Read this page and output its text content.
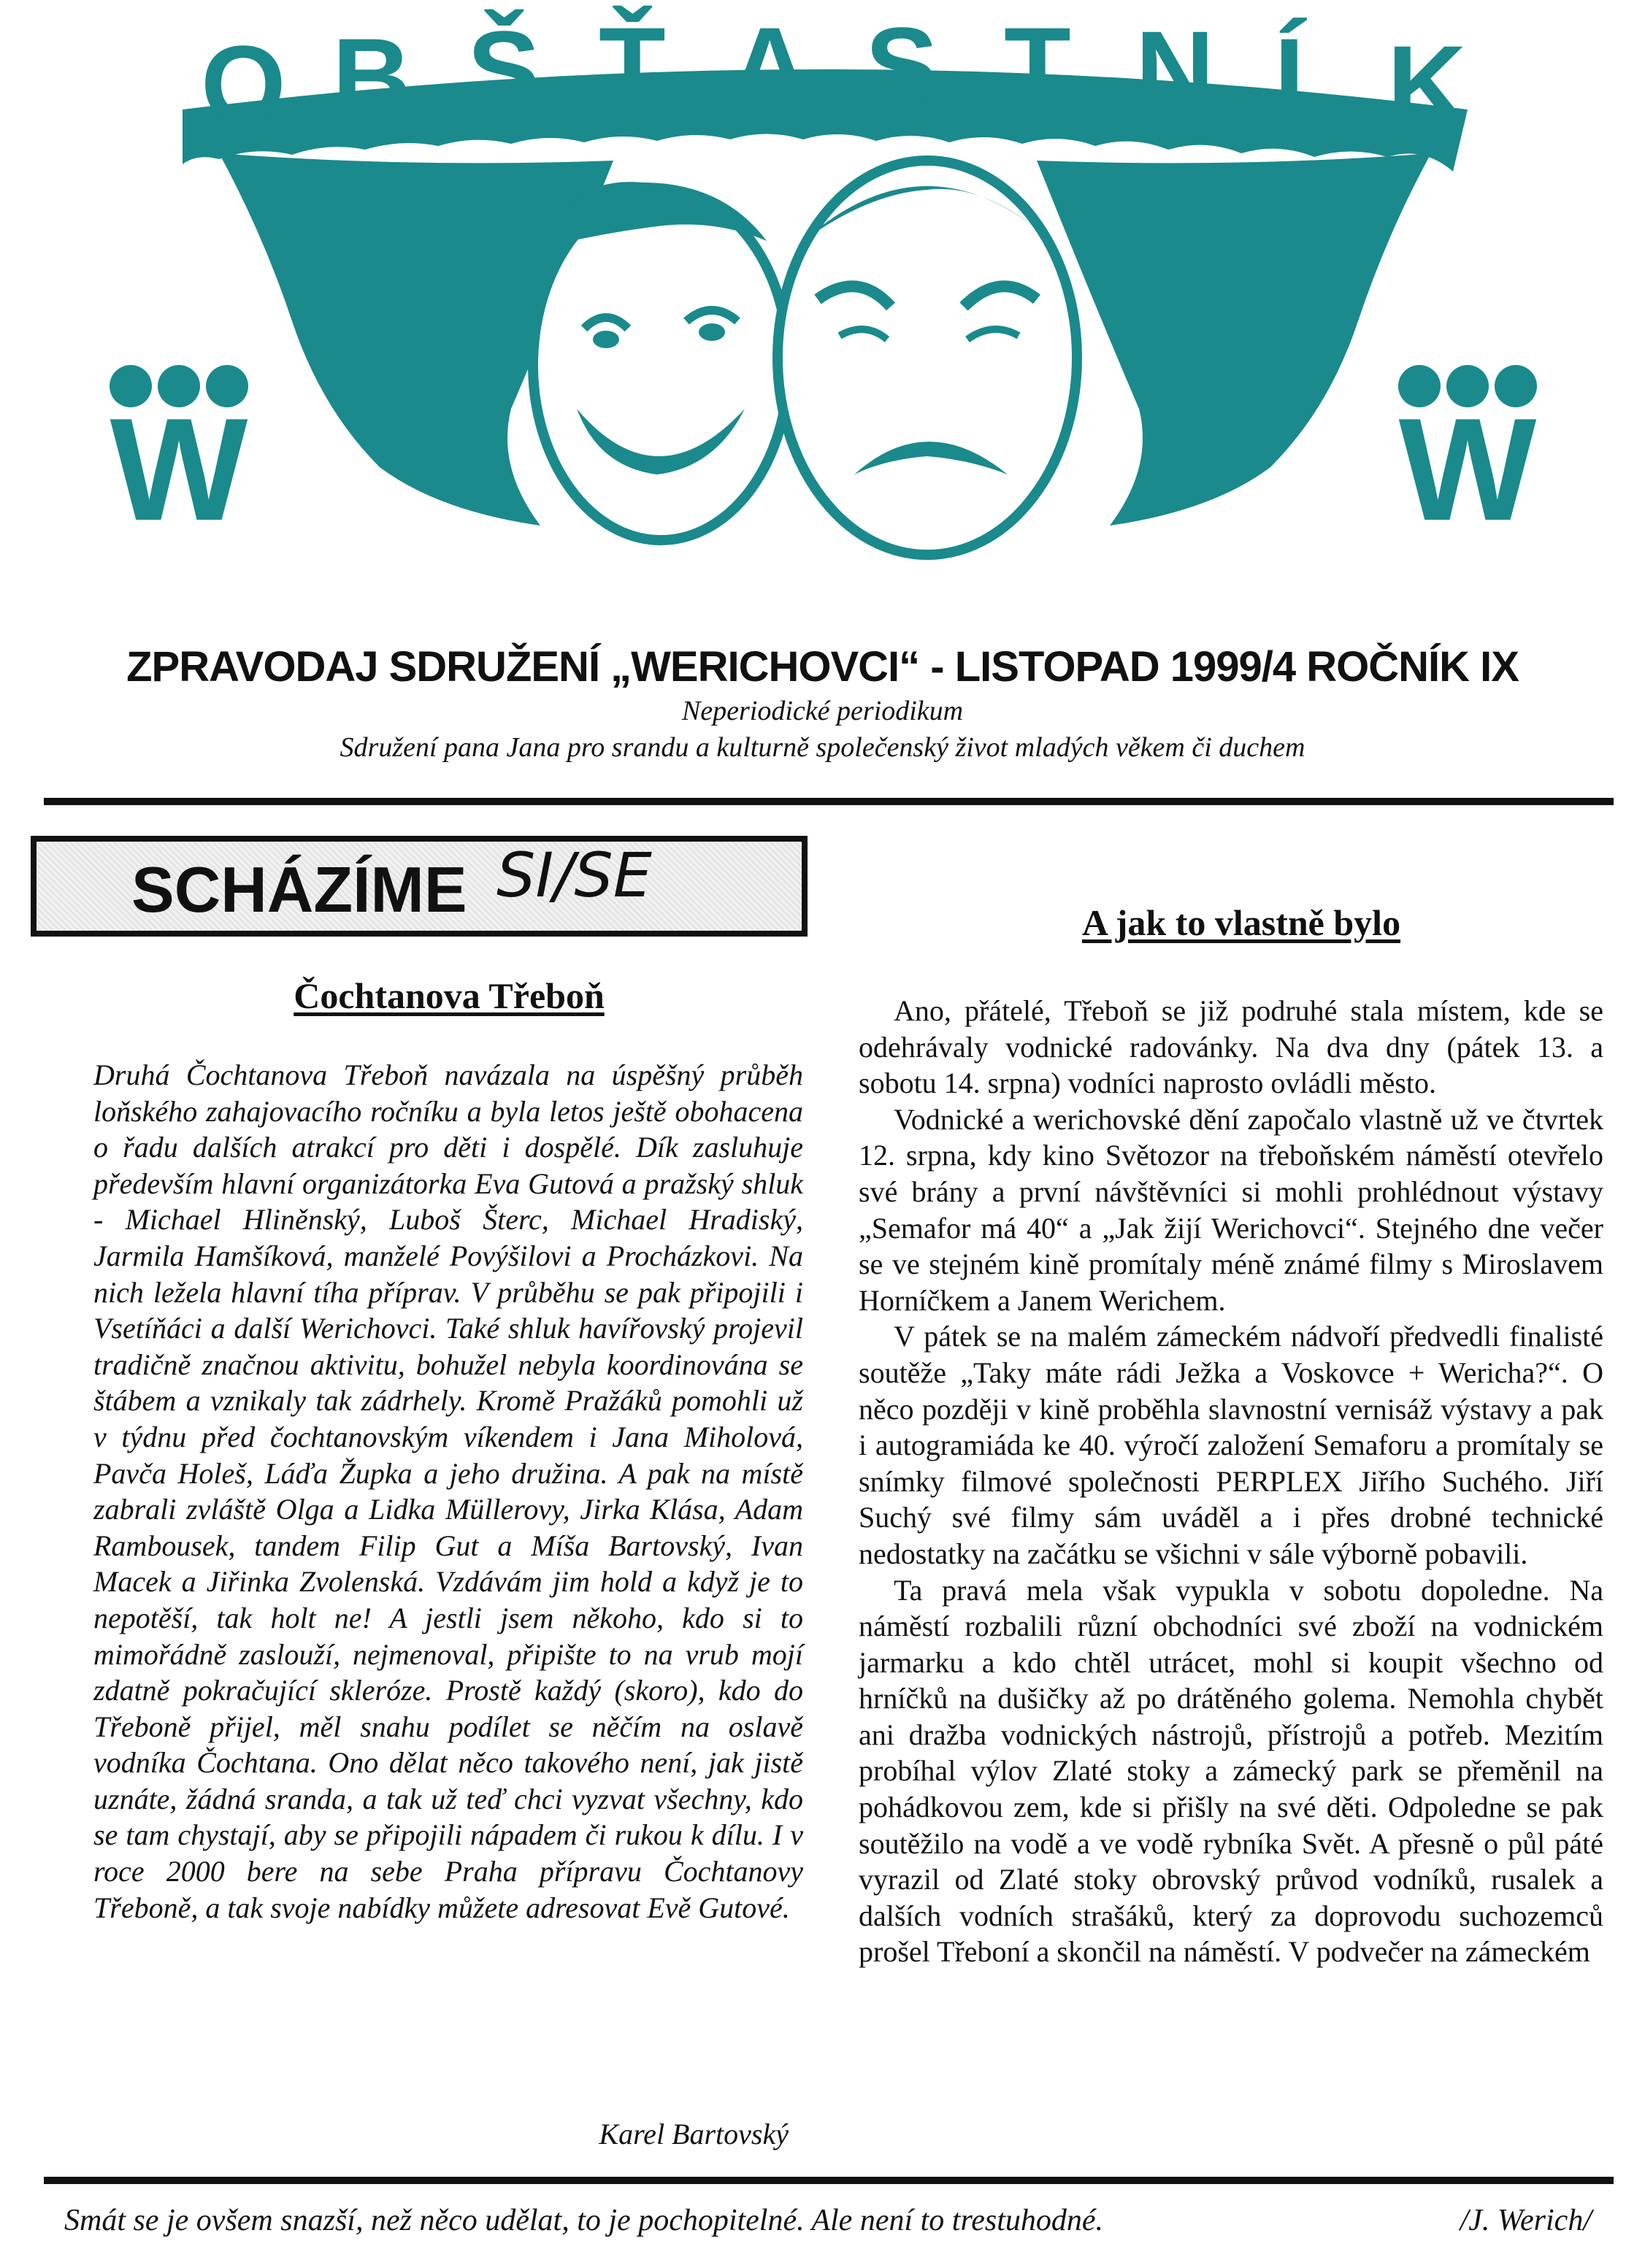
O B Š Ť A S T N Í K
W	W
ZPRAVODAJ SDRUŽENÍ „WERICHOVCI“ - LISTOPAD 1999/4 ROČNÍK IX
Neperiodické periodikum
Sdružení pana Jana pro srandu a kulturně společenský život mladých věkem či duchem
SCHÁZÍME SI/SE
Čochtanova Třeboň

Druhá Čochtanova Třeboň navázala na úspěšný průběh loňského zahajovacího ročníku a byla letos ještě obohacena o řadu dalších atrakcí pro děti i dospělé. Dík zasluhuje především hlavní organizátorka Eva Gutová a pražský shluk - Michael Hliněnský, Luboš Šterc, Michael Hradiský, Jarmila Hamšíková, manželé Povýšilovi a Procházkovi. Na nich ležela hlavní tíha příprav. V průběhu se pak připojili i Vsetíňáci a další Werichovci. Také shluk havířovský projevil tradičně značnou aktivitu, bohužel nebyla koordinována se štábem a vznikaly tak zádrhely. Kromě Pražáků pomohli už v týdnu před čochtanovským víkendem i Jana Miholová, Pavča Holeš, Láďa Župka a jeho družina. A pak na místě zabrali zvláště Olga a Lidka Müllerovy, Jirka Klása, Adam Rambousek, tandem Filip Gut a Míša Bartovský, Ivan Macek a Jiřinka Zvolenská. Vzdávám jim hold a když je to nepotěší, tak holt ne! A jestli jsem někoho, kdo si to mimořádně zaslouží, nejmenoval, připište to na vrub mojí zdatně pokračující skleróze. Prostě každý (skoro), kdo do Třeboně přijel, měl snahu podílet se něčím na oslavě vodníka Čochtana. Ono dělat něco takového není, jak jistě uznáte, žádná sranda, a tak už teď chci vyzvat všechny, kdo se tam chystají, aby se připojili nápadem či rukou k dílu. I v roce 2000 bere na sebe Praha přípravu Čochtanovy Třeboně, a tak svoje nabídky můžete adresovat Evě Gutové.

Karel Bartovský
A jak to vlastně bylo

Ano, přátelé, Třeboň se již podruhé stala místem, kde se odehrávaly vodnické radovánky. Na dva dny (pátek 13. a sobotu 14. srpna) vodníci naprosto ovládli město.

Vodnické a werichovské dění započalo vlastně už ve čtvrtek 12. srpna, kdy kino Světozor na třeboňském náměstí otevřelo své brány a první návštěvníci si mohli prohlédnout výstavy „Semafor má 40“ a „Jak žijí Werichovci“. Stejného dne večer se ve stejném kině promítaly méně známé filmy s Miroslavem Horníčkem a Janem Werichem.

V pátek se na malém zámeckém nádvoří předvedli finalisté soutěže „Taky máte rádi Ježka a Voskovce + Wericha?“. O něco později v kině proběhla slavnostní vernisáž výstavy a pak i autogramiáda ke 40. výročí založení Semaforu a promítaly se snímky filmové společnosti PERPLEX Jiřího Suchého. Jiří Suchý své filmy sám uváděl a i přes drobné technické nedostatky na začátku se všichni v sále výborně pobavili.

Ta pravá mela však vypukla v sobotu dopoledne. Na náměstí rozbalili různí obchodníci své zboží na vodnickém jarmarku a kdo chtěl utrácet, mohl si koupit všechno od hrníčků na dušičky až po drátěného golema. Nemohla chybět ani dražba vodnických nástrojů, přístrojů a potřeb. Mezitím probíhal výlov Zlaté stoky a zámecký park se přeměnil na pohádkovou zem, kde si přišly na své děti. Odpoledne se pak soutěžilo na vodě a ve vodě rybníka Svět. A přesně o půl páté vyrazil od Zlaté stoky obrovský průvod vodníků, rusalek a dalších vodních strašáků, který za doprovodu suchozemců prošel Třeboní a skončil na náměstí. V podvečer na zámeckém

Smát se je ovšem snazší, než něco udělat, to je pochopitelné. Ale není to trestuhodné.	/J. Werich/
